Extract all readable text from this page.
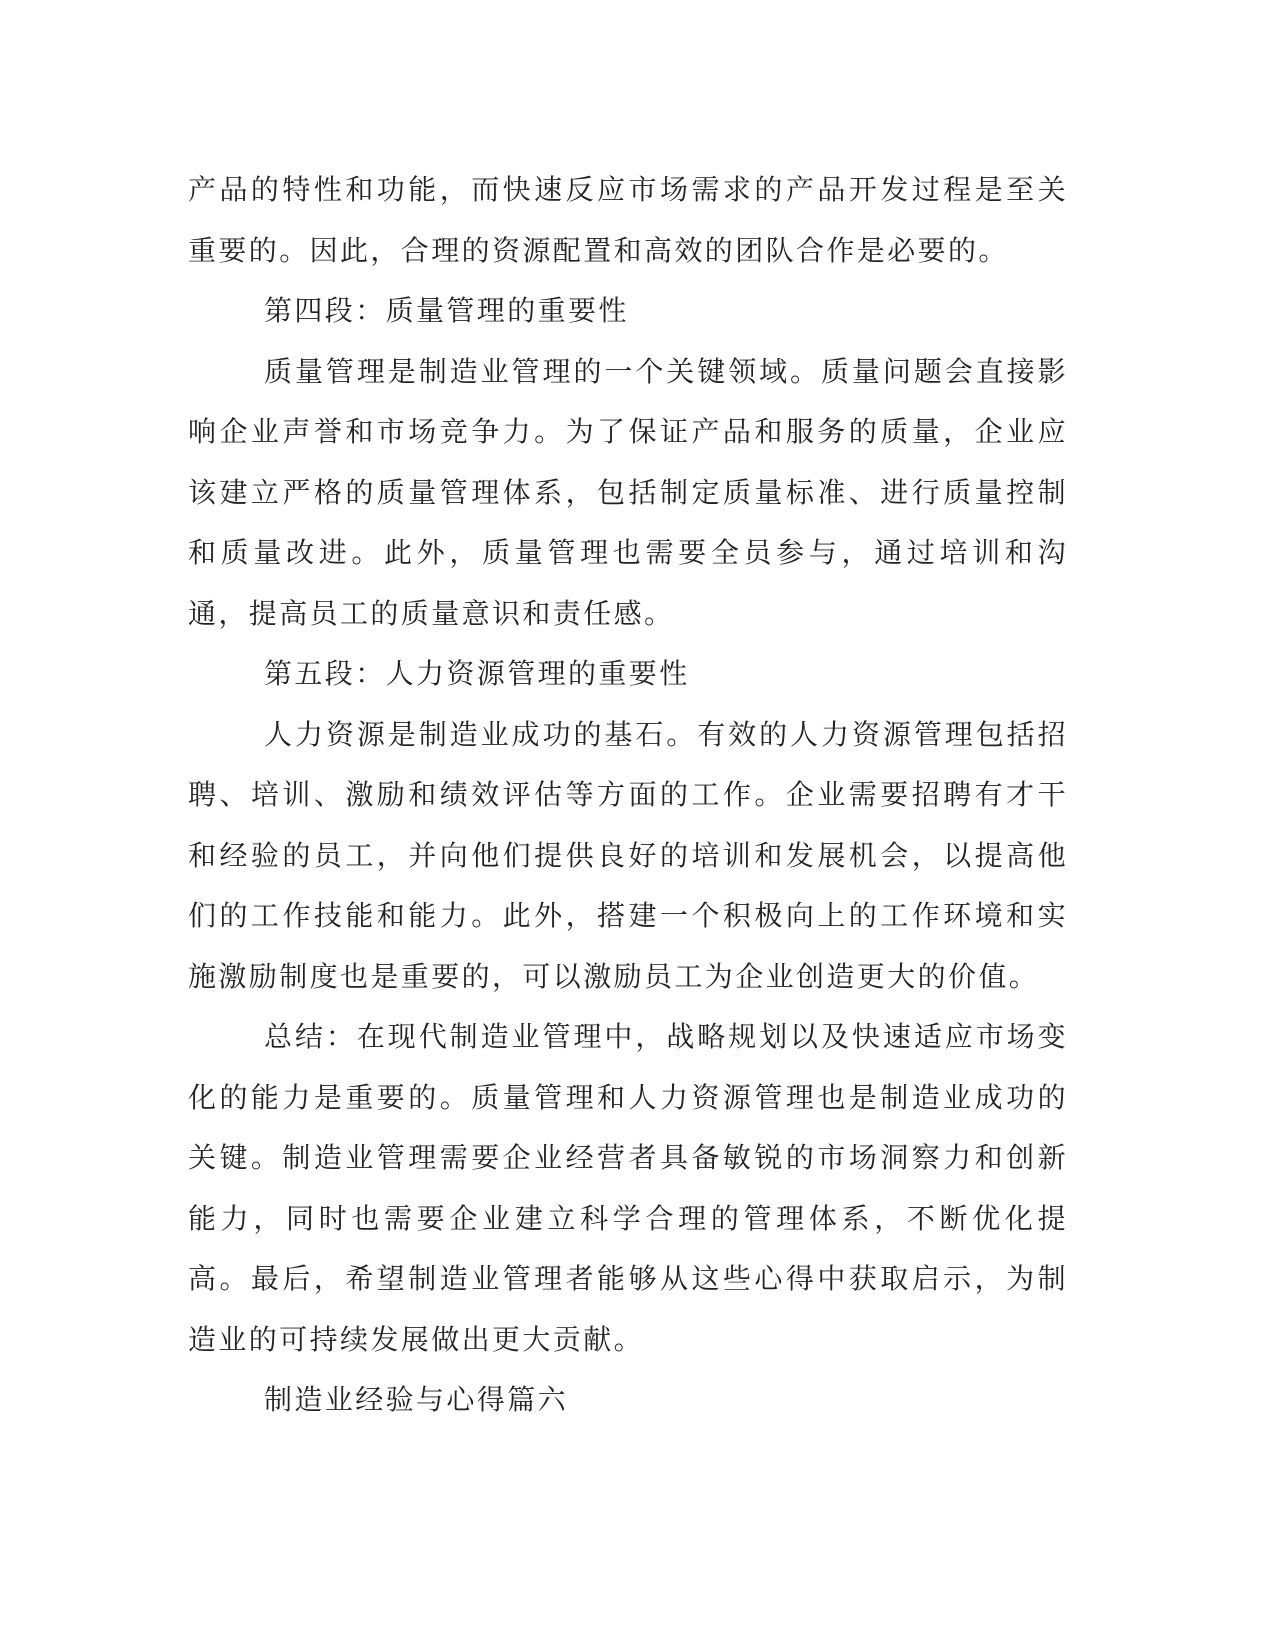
产品的特性和功能，而快速反应市场需求的产品开发过程是至关重要的。因此，合理的资源配置和高效的团队合作是必要的。

第四段：质量管理的重要性

质量管理是制造业管理的一个关键领域。质量问题会直接影响企业声誉和市场竞争力。为了保证产品和服务的质量，企业应该建立严格的质量管理体系，包括制定质量标准、进行质量控制和质量改进。此外，质量管理也需要全员参与，通过培训和沟通，提高员工的质量意识和责任感。

第五段：人力资源管理的重要性

人力资源是制造业成功的基石。有效的人力资源管理包括招聘、培训、激励和绩效评估等方面的工作。企业需要招聘有才干和经验的员工，并向他们提供良好的培训和发展机会，以提高他们的工作技能和能力。此外，搭建一个积极向上的工作环境和实施激励制度也是重要的，可以激励员工为企业创造更大的价值。

总结：在现代制造业管理中，战略规划以及快速适应市场变化的能力是重要的。质量管理和人力资源管理也是制造业成功的关键。制造业管理需要企业经营者具备敏锐的市场洞察力和创新能力，同时也需要企业建立科学合理的管理体系，不断优化提高。最后，希望制造业管理者能够从这些心得中获取启示，为制造业的可持续发展做出更大贡献。

制造业经验与心得篇六
